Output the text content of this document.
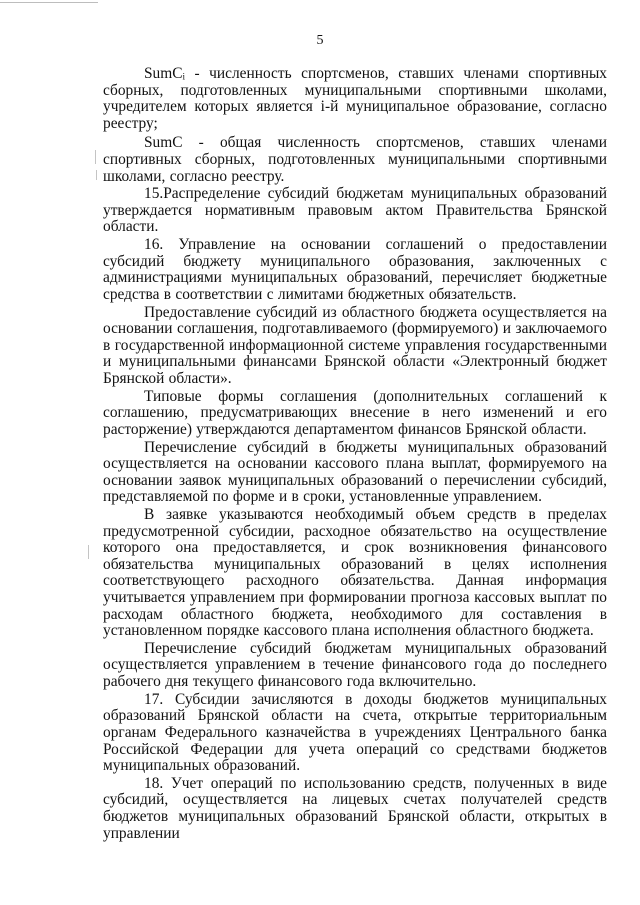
5

SumCᵢ - численность спортсменов, ставших членами спортивных сборных, подготовленных муниципальными спортивными школами, учредителем которых является i-й муниципальное образование, согласно реестру;

SumC - общая численность спортсменов, ставших членами спортивных сборных, подготовленных муниципальными спортивными школами, согласно реестру.

15.Распределение субсидий бюджетам муниципальных образований утверждается нормативным правовым актом Правительства Брянской области.

16. Управление на основании соглашений о предоставлении субсидий бюджету муниципального образования, заключенных с администрациями муниципальных образований, перечисляет бюджетные средства в соответствии с лимитами бюджетных обязательств.

Предоставление субсидий из областного бюджета осуществляется на основании соглашения, подготавливаемого (формируемого) и заключаемого в государственной информационной системе управления государственными и муниципальными финансами Брянской области «Электронный бюджет Брянской области».

Типовые формы соглашения (дополнительных соглашений к соглашению, предусматривающих внесение в него изменений и его расторжение) утверждаются департаментом финансов Брянской области.

Перечисление субсидий в бюджеты муниципальных образований осуществляется на основании кассового плана выплат, формируемого на основании заявок муниципальных образований о перечислении субсидий, представляемой по форме и в сроки, установленные управлением.

В заявке указываются необходимый объем средств в пределах предусмотренной субсидии, расходное обязательство на осуществление которого она предоставляется, и срок возникновения финансового обязательства муниципальных образований в целях исполнения соответствующего расходного обязательства. Данная информация учитывается управлением при формировании прогноза кассовых выплат по расходам областного бюджета, необходимого для составления в установленном порядке кассового плана исполнения областного бюджета.

Перечисление субсидий бюджетам муниципальных образований осуществляется управлением в течение финансового года до последнего рабочего дня текущего финансового года включительно.

17. Субсидии зачисляются в доходы бюджетов муниципальных образований Брянской области на счета, открытые территориальным органам Федерального казначейства в учреждениях Центрального банка Российской Федерации для учета операций со средствами бюджетов муниципальных образований.

18. Учет операций по использованию средств, полученных в виде субсидий, осуществляется на лицевых счетах получателей средств бюджетов муниципальных образований Брянской области, открытых в управлении
